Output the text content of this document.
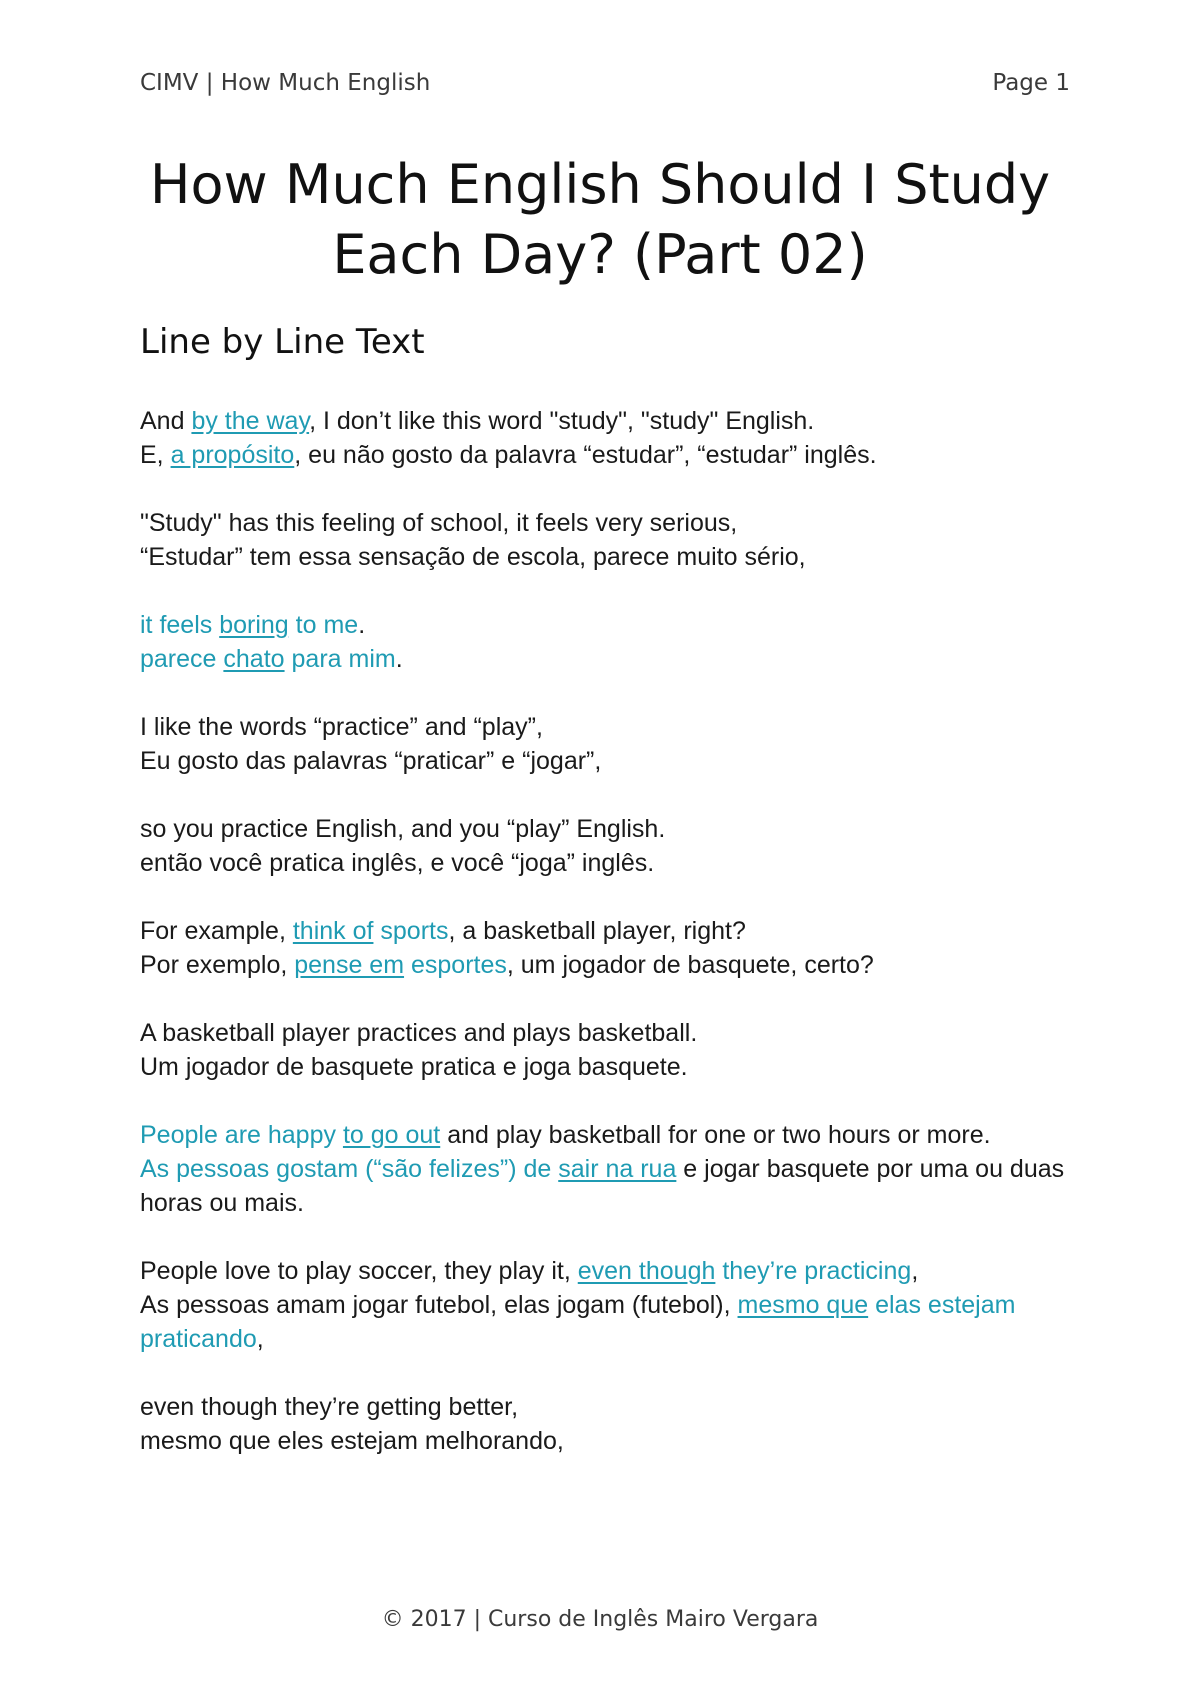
CIMV | How Much English	Page 1
How Much English Should I Study
Each Day? (Part 02)
Line by Line Text

And by the way, I don’t like this word "study", "study" English.
E, a propósito, eu não gosto da palavra “estudar”, “estudar” inglês.

"Study" has this feeling of school, it feels very serious,
“Estudar” tem essa sensação de escola, parece muito sério,

it feels boring to me.
parece chato para mim.

I like the words “practice” and “play”,
Eu gosto das palavras “praticar” e “jogar”,

so you practice English, and you “play” English.
então você pratica inglês, e você “joga” inglês.

For example, think of sports, a basketball player, right?
Por exemplo, pense em esportes, um jogador de basquete, certo?

A basketball player practices and plays basketball.
Um jogador de basquete pratica e joga basquete.

People are happy to go out and play basketball for one or two hours or more.
As pessoas gostam (“são felizes”) de sair na rua e jogar basquete por uma ou duas horas ou mais.

People love to play soccer, they play it, even though they’re practicing,
As pessoas amam jogar futebol, elas jogam (futebol), mesmo que elas estejam praticando,

even though they’re getting better,
mesmo que eles estejam melhorando,

© 2017 | Curso de Inglês Mairo Vergara
